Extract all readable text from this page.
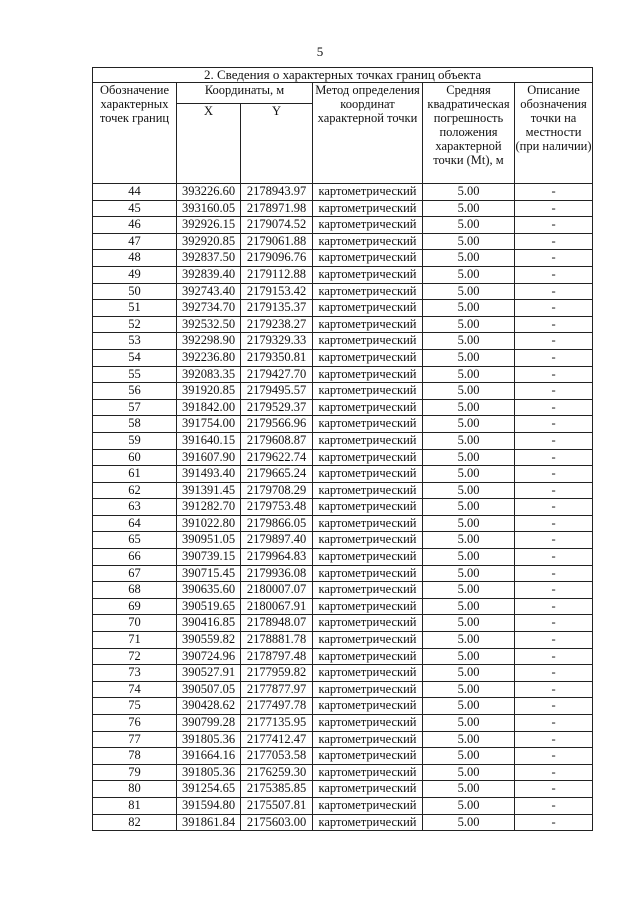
5
2. Сведения о характерных точках границ объекта					
Обозначение характерных точек границ	Координаты, м		Метод определения координат характерной точки	Средняя квадратическая погрешность положения характерной точки (Mt), м	Описание обозначения точки на местности (при наличии)
	X	Y			
44	393226.60	2178943.97	картометрический	5.00	-
45	393160.05	2178971.98	картометрический	5.00	-
46	392926.15	2179074.52	картометрический	5.00	-
47	392920.85	2179061.88	картометрический	5.00	-
48	392837.50	2179096.76	картометрический	5.00	-
49	392839.40	2179112.88	картометрический	5.00	-
50	392743.40	2179153.42	картометрический	5.00	-
51	392734.70	2179135.37	картометрический	5.00	-
52	392532.50	2179238.27	картометрический	5.00	-
53	392298.90	2179329.33	картометрический	5.00	-
54	392236.80	2179350.81	картометрический	5.00	-
55	392083.35	2179427.70	картометрический	5.00	-
56	391920.85	2179495.57	картометрический	5.00	-
57	391842.00	2179529.37	картометрический	5.00	-
58	391754.00	2179566.96	картометрический	5.00	-
59	391640.15	2179608.87	картометрический	5.00	-
60	391607.90	2179622.74	картометрический	5.00	-
61	391493.40	2179665.24	картометрический	5.00	-
62	391391.45	2179708.29	картометрический	5.00	-
63	391282.70	2179753.48	картометрический	5.00	-
64	391022.80	2179866.05	картометрический	5.00	-
65	390951.05	2179897.40	картометрический	5.00	-
66	390739.15	2179964.83	картометрический	5.00	-
67	390715.45	2179936.08	картометрический	5.00	-
68	390635.60	2180007.07	картометрический	5.00	-
69	390519.65	2180067.91	картометрический	5.00	-
70	390416.85	2178948.07	картометрический	5.00	-
71	390559.82	2178881.78	картометрический	5.00	-
72	390724.96	2178797.48	картометрический	5.00	-
73	390527.91	2177959.82	картометрический	5.00	-
74	390507.05	2177877.97	картометрический	5.00	-
75	390428.62	2177497.78	картометрический	5.00	-
76	390799.28	2177135.95	картометрический	5.00	-
77	391805.36	2177412.47	картометрический	5.00	-
78	391664.16	2177053.58	картометрический	5.00	-
79	391805.36	2176259.30	картометрический	5.00	-
80	391254.65	2175385.85	картометрический	5.00	-
81	391594.80	2175507.81	картометрический	5.00	-
82	391861.84	2175603.00	картометрический	5.00	-
